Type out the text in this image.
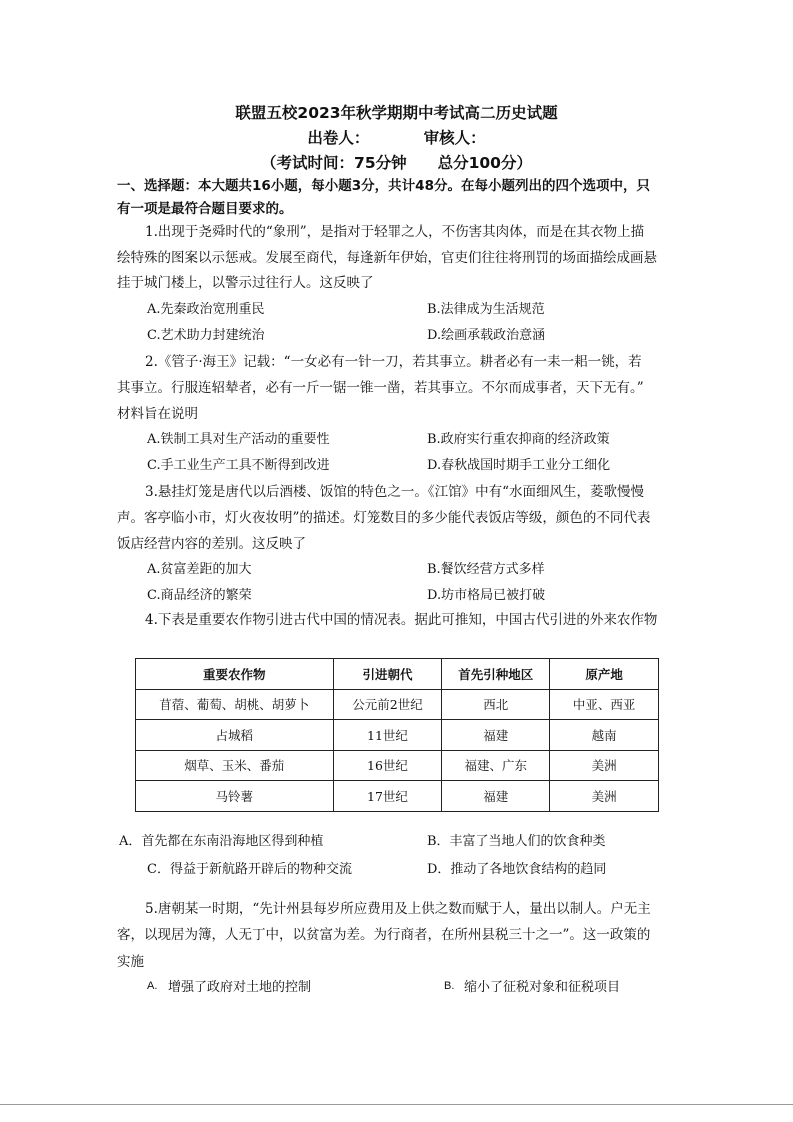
联盟五校2023年秋学期期中考试高二历史试题
出卷人：　　　　审核人：
（考试时间：75分钟　　总分100分）
一、选择题：本大题共16小题，每小题3分，共计48分。在每小题列出的四个选项中，只
有一项是最符合题目要求的。
1.出现于尧舜时代的“象刑”，是指对于轻罪之人，不伤害其肉体，而是在其衣物上描
绘特殊的图案以示惩戒。发展至商代，每逢新年伊始，官吏们往往将刑罚的场面描绘成画悬
挂于城门楼上，以警示过往行人。这反映了
A.先秦政治宽刑重民	B.法律成为生活规范
C.艺术助力封建统治	D.绘画承载政治意涵
2.《管子·海王》记载：“一女必有一针一刀，若其事立。耕者必有一耒一耜一铫，若
其事立。行服连轺辇者，必有一斤一锯一锥一凿，若其事立。不尔而成事者，天下无有。”
材料旨在说明
A.铁制工具对生产活动的重要性	B.政府实行重农抑商的经济政策
C.手工业生产工具不断得到改进	D.春秋战国时期手工业分工细化
3.悬挂灯笼是唐代以后酒楼、饭馆的特色之一。《江馆》中有“水面细风生，菱歌慢慢
声。客亭临小市，灯火夜妆明”的描述。灯笼数目的多少能代表饭店等级，颜色的不同代表
饭店经营内容的差别。这反映了
A.贫富差距的加大	B.餐饮经营方式多样
C.商品经济的繁荣	D.坊市格局已被打破
4.下表是重要农作物引进古代中国的情况表。据此可推知，中国古代引进的外来农作物
重要农作物	引进朝代	首先引种地区	原产地
苜蓿、葡萄、胡桃、胡萝卜	公元前2世纪	西北	中亚、西亚
占城稻	11世纪	福建	越南
烟草、玉米、番茄	16世纪	福建、广东	美洲
马铃薯	17世纪	福建	美洲
A．首先都在东南沿海地区得到种植	B．丰富了当地人们的饮食种类
C．得益于新航路开辟后的物种交流	D．推动了各地饮食结构的趋同
5.唐朝某一时期，“先计州县每岁所应费用及上供之数而赋于人，量出以制人。户无主
客，以现居为簿，人无丁中，以贫富为差。为行商者，在所州县税三十之一”。这一政策的
实施
A. 增强了政府对土地的控制	B. 缩小了征税对象和征税项目
